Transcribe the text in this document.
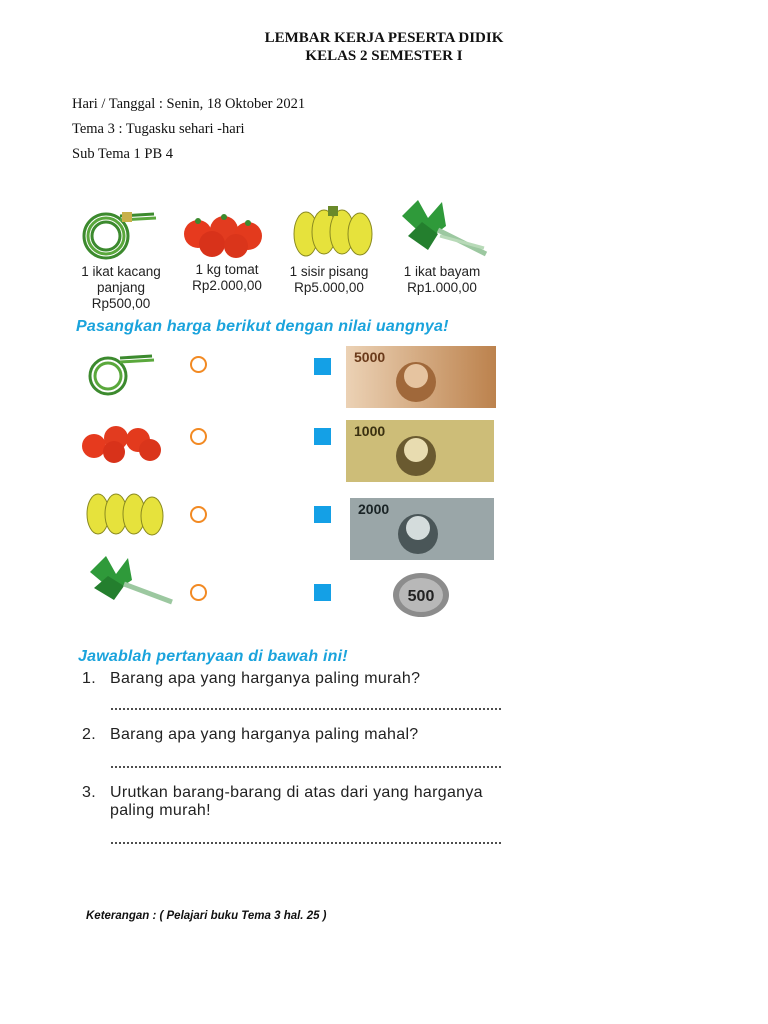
LEMBAR KERJA PESERTA DIDIK
KELAS 2 SEMESTER I
Hari / Tanggal : Senin, 18 Oktober 2021
Tema 3 : Tugasku sehari -hari
Sub Tema 1 PB 4
1 ikat kacang
panjang
Rp500,00
1 kg tomat
Rp2.000,00
1 sisir pisang
Rp5.000,00
1 ikat bayam
Rp1.000,00
Pasangkan harga berikut dengan nilai uangnya!
5000
1000
2000
500
Jawablah pertanyaan di bawah ini!
1. Barang apa yang harganya paling murah?
2. Barang apa yang harganya paling mahal?
3. Urutkan barang-barang di atas dari yang harganya
paling murah!
Keterangan : ( Pelajari buku Tema 3 hal. 25 )
